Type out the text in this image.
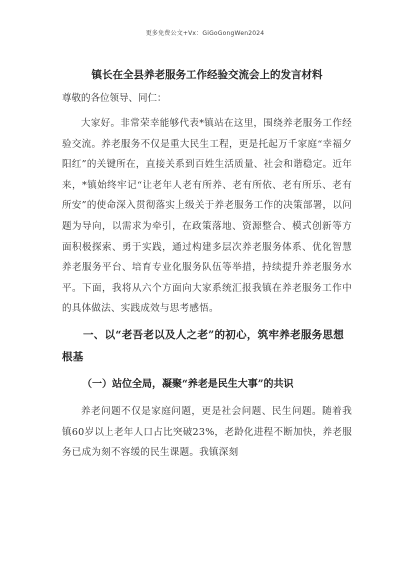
更多免费公文+Vx：GiGoGongWen2024
镇长在全县养老服务工作经验交流会上的发言材料
尊敬的各位领导、同仁：

大家好。非常荣幸能够代表*镇站在这里，围绕养老服务工作经验交流。养老服务不仅是重大民生工程，更是托起万千家庭“幸福夕阳红”的关键所在，直接关系到百姓生活质量、社会和谐稳定。近年来，*镇始终牢记“让老年人老有所养、老有所依、老有所乐、老有所安”的使命深入贯彻落实上级关于养老服务工作的决策部署，以问题为导向，以需求为牵引，在政策落地、资源整合、模式创新等方面积极探索、勇于实践，通过构建多层次养老服务体系、优化智慧养老服务平台、培育专业化服务队伍等举措，持续提升养老服务水平。下面，我将从六个方面向大家系统汇报我镇在养老服务工作中的具体做法、实践成效与思考感悟。

一、以“老吾老以及人之老”的初心，筑牢养老服务思想根基
（一）站位全局，凝聚“养老是民生大事”的共识

养老问题不仅是家庭问题，更是社会问题、民生问题。随着我镇60岁以上老年人口占比突破23%，老龄化进程不断加快，养老服务已成为刻不容缓的民生课题。我镇深刻
